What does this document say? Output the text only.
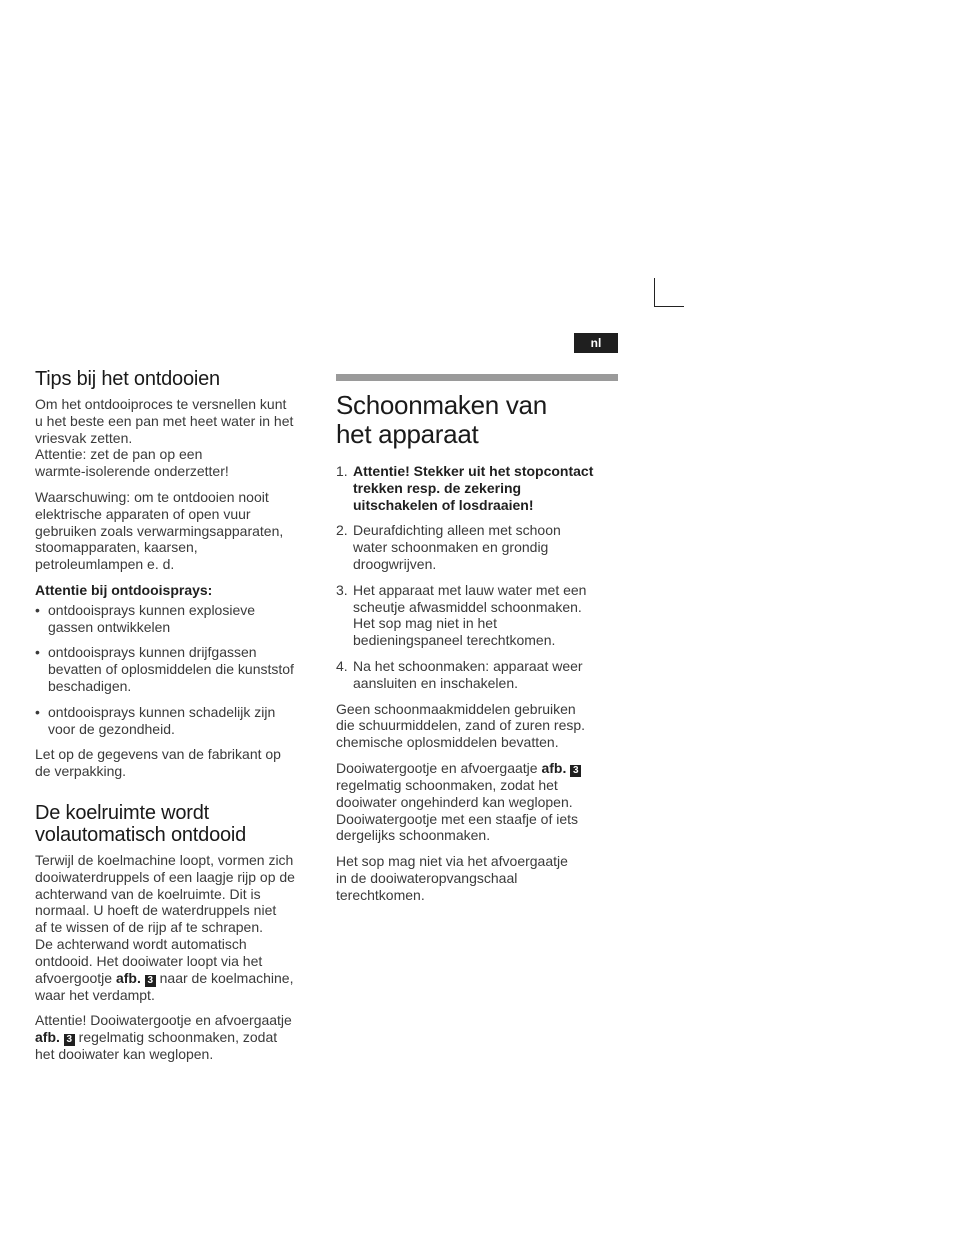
nl
Tips bij het ontdooien

Om het ontdooiproces te versnellen kunt
u het beste een pan met heet water in het
vriesvak zetten.
Attentie: zet de pan op een
warmte-isolerende onderzetter!

Waarschuwing: om te ontdooien nooit
elektrische apparaten of open vuur
gebruiken zoals verwarmingsapparaten,
stoomapparaten, kaarsen,
petroleumlampen e. d.

Attentie bij ontdooisprays:

• ontdooisprays kunnen explosieve
gassen ontwikkelen
• ontdooisprays kunnen drijfgassen
bevatten of oplosmiddelen die kunststof
beschadigen.
• ontdooisprays kunnen schadelijk zijn
voor de gezondheid.

Let op de gegevens van de fabrikant op
de verpakking.

De koelruimte wordt
volautomatisch ontdooid

Terwijl de koelmachine loopt, vormen zich
dooiwaterdruppels of een laagje rijp op de
achterwand van de koelruimte. Dit is
normaal. U hoeft de waterdruppels niet
af te wissen of de rijp af te schrapen.
De achterwand wordt automatisch
ontdooid. Het dooiwater loopt via het
afvoergootje afb. 3 naar de koelmachine,
waar het verdampt.

Attentie! Dooiwatergootje en afvoergaatje
afb. 3 regelmatig schoonmaken, zodat
het dooiwater kan weglopen.

Schoonmaken van
het apparaat
1. Attentie! Stekker uit het stopcontact
trekken resp. de zekering
uitschakelen of losdraaien!
2. Deurafdichting alleen met schoon
water schoonmaken en grondig
droogwrijven.
3. Het apparaat met lauw water met een
scheutje afwasmiddel schoonmaken.
Het sop mag niet in het
bedieningspaneel terechtkomen.
4. Na het schoonmaken: apparaat weer
aansluiten en inschakelen.

Geen schoonmaakmiddelen gebruiken
die schuurmiddelen, zand of zuren resp.
chemische oplosmiddelen bevatten.

Dooiwatergootje en afvoergaatje afb. 3
regelmatig schoonmaken, zodat het
dooiwater ongehinderd kan weglopen.
Dooiwatergootje met een staafje of iets
dergelijks schoonmaken.

Het sop mag niet via het afvoergaatje
in de dooiwateropvangschaal
terechtkomen.
